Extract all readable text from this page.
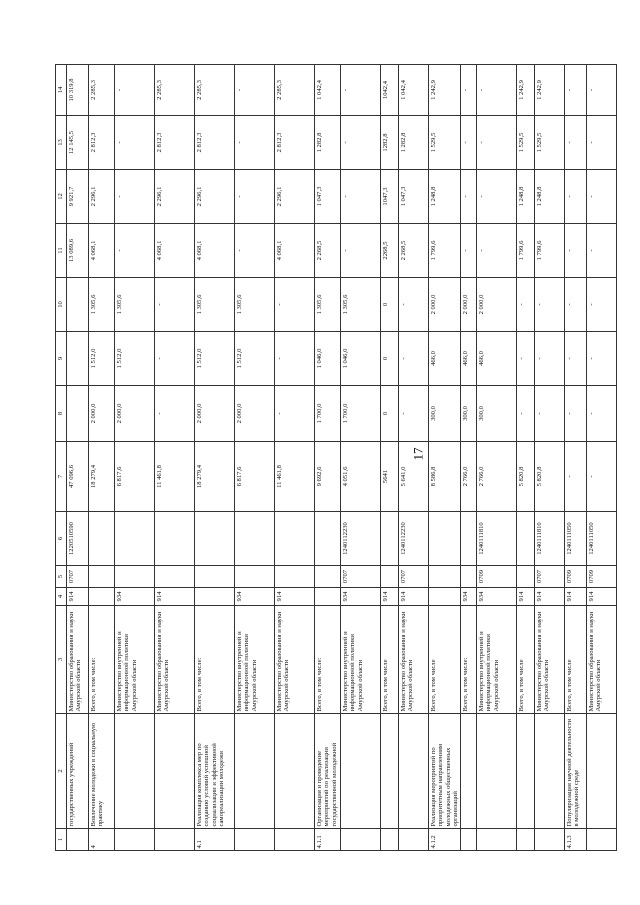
17
1	2	3	4	5	6	7	8	9	10	11	12	13	14
	государственных учреждений	Министерство образования и науки Амурской области	914	0707	1220510590	47 096,6				13 089,6	9 921,7	12 145,5	10 319,8
4	Вовлечение молодежи в социальную практику	Всего, в том числе:				18 279,4	2 000,0	1 512,0	1 305,6	4 068,1	2 296,1	2 812,3	2 285,3
		Министерство внутренней и информационной политики Амурской области	934			6 817,6	2 000,0	1 512,0	1 305,6	-	-	-	-
		Министерство образования и науки Амурской области	914			11 461,8	-	-	-	4 068,1	2 296,1	2 812,3	2 285,3
4.1	Реализация комплекса мер по созданию условий успешной социализации и эффективной самореализации молодежи	Всего, в том числе:				18 279,4	2 000,0	1 512,0	1 305,6	4 068,1	2 296,1	2 812,3	2 285,3
		Министерство внутренней и информационной политики Амурской области	934			6 817,6	2 000,0	1 512,0	1 305,6	-	-	-	-
		Министерство образования и науки Амурской области	914			11 461,8	-	-	-	4 068,1	2 296,1	2 812,3	2 285,3
4.1.1	Организация и проведение мероприятий по реализации государственной молодежной	Всего, в том числе:				9 692,6	1 700,0	1 046,0	1 305,6	2 268,5	1 047,3	1 282,8	1 042,4
		Министерство внутренней и информационной политики Амурской области	934	0707	1240112230	4 051,6	1 700,0	1 046,0	1 305,6	-	-	-	-
		Всего, в том числе	914			5641	0	0	0	2268,5	1047,3	1282,8	1042,4
		Министерство образования и науки Амурской области	914	0707	1240112230	5 641,0	-	-	-	2 268,5	1 047,3	1 282,8	1 042,4
4.1.2	Реализация мероприятий по приоритетным направлениям молодежных общественных организаций	Всего, в том числе				8 586,8	300,0	466,0	2 000,0	1 799,6	1 248,8	1 529,5	1 242,9
		Всего, в том числе:	934			2 766,0	300,0	466,0	2 000,0	-	-	-	-
		Министерство внутренней и информационной политики Амурской области	934	0709	1240111810	2 766,0	300,0	466,0	2 000,0	-	-	-	-
		Всего, в том числе	914			5 820,8	-	-	-	1 799,6	1 248,8	1 529,5	1 242,9
		Министерство образования и науки Амурской области	914	0707	1240111810	5 820,8	-	-	-	1 799,6	1 248,8	1 529,5	1 242,9
4.1.3	Популяризация научной деятельности в молодежной среде	Всего, в том числе	914	0709	1240111050	-	-	-	-	-	-	-	-
		Министерство образования и науки Амурской области	914	0709	1240111050	-	-	-	-	-	-	-	-
